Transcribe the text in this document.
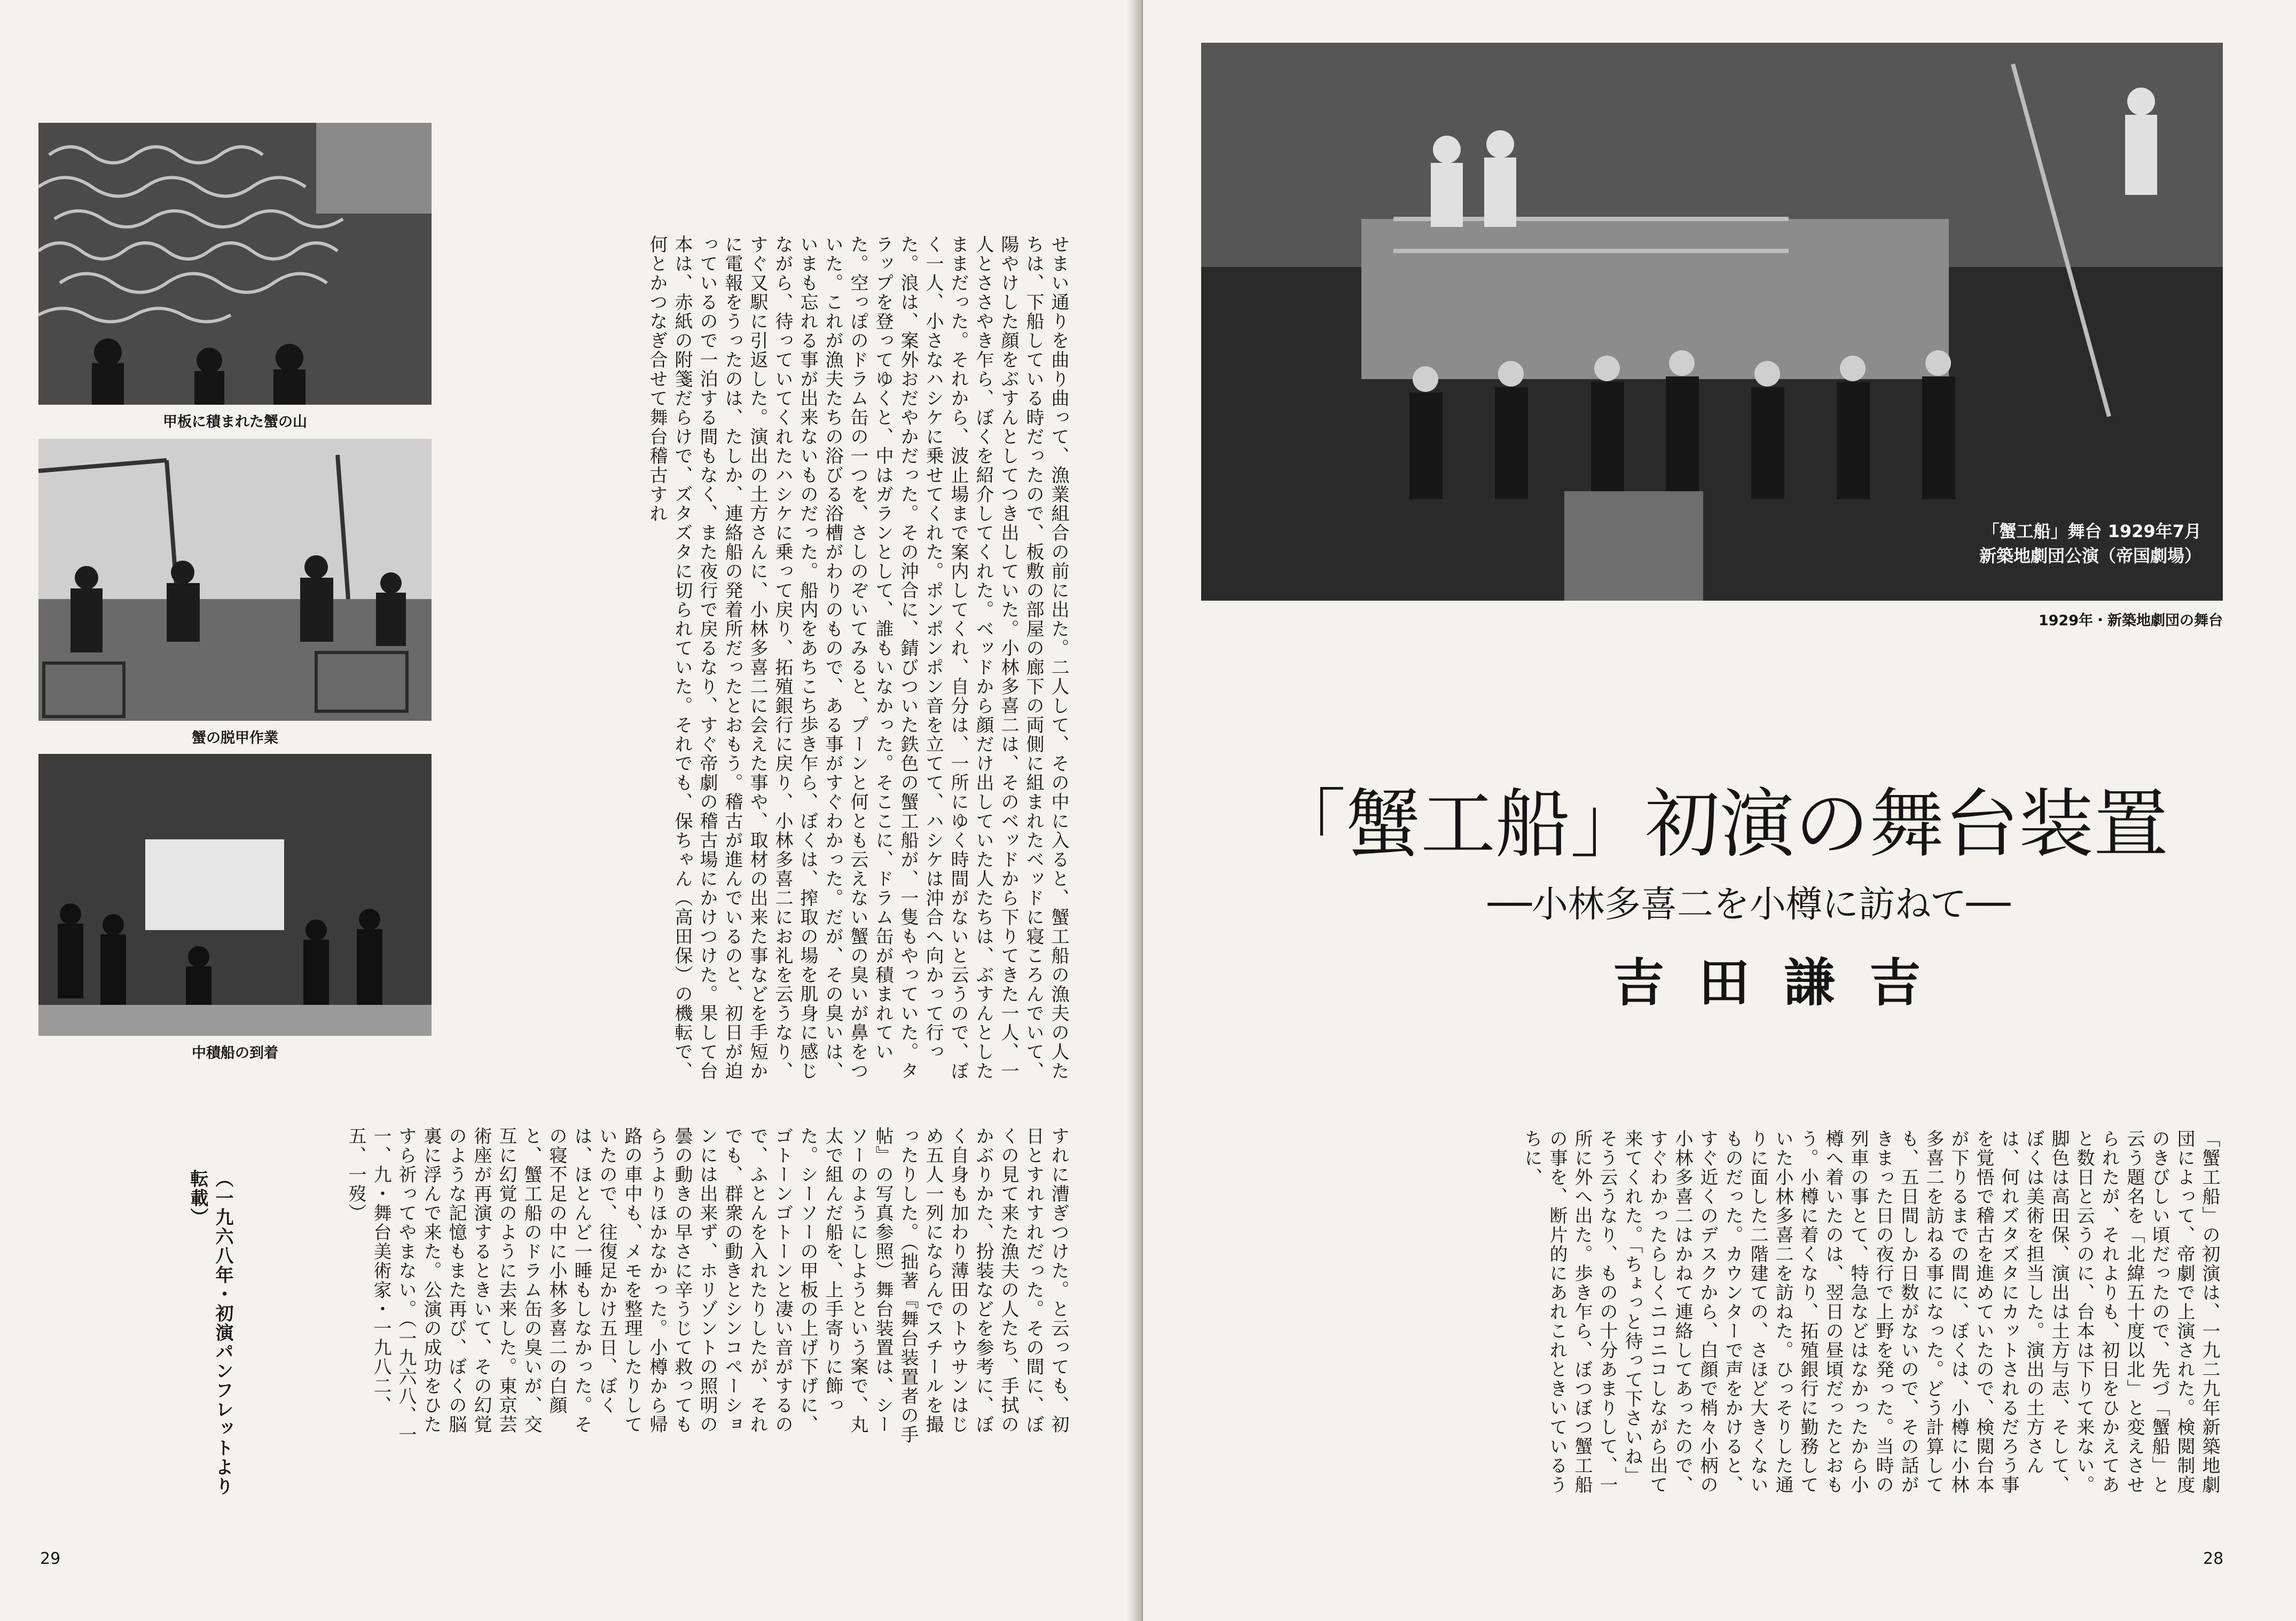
甲板に積まれた蟹の山
蟹の脱甲作業
中積船の到着	せまい通りを曲り曲って、漁業組合の前に出た。二人して、その中に入ると、蟹工船の漁夫の人たちは、下船している時だったので、板敷の部屋の廊下の両側に組まれたベッドに寝ころんでいて、陽やけした顔をぶすんとしてつき出していた。小林多喜二は、そのベッドから下りてきた一人、一人とささやき乍ら、ぼくを紹介してくれた。ベッドから顔だけ出していた人たちは、ぶすんとしたままだった。それから、波止場まで案内してくれ、自分は、一所にゆく時間がないと云うので、ぼく一人、小さなハシケに乗せてくれた。ポンポンポン音を立てて、ハシケは沖合へ向かって行った。浪は、案外おだやかだった。その沖合に、錆びついた鉄色の蟹工船が、一隻もやっていた。タラップを登ってゆくと、中はガランとして、誰もいなかった。そここに、ドラム缶が積まれていた。空っぽのドラム缶の一つを、さしのぞいてみると、プーンと何とも云えない蟹の臭いが鼻をついた。これが漁夫たちの浴びる浴槽がわりのもので、ある事がすぐわかった。だが、その臭いは、いまも忘れる事が出来ないものだった。船内をあちこち歩き乍ら、ぼくは、搾取の場を肌身に感じながら、待っていてくれたハシケに乗って戻り、拓殖銀行に戻り、小林多喜二にお礼を云うなり、すぐ又駅に引返した。演出の土方さんに、小林多喜二に会えた事や、取材の出来た事などを手短かに電報をうったのは、たしか、連絡船の発着所だったとおもう。稽古が進んでいるのと、初日が迫っているので一泊する間もなく、また夜行で戻るなり、すぐ帝劇の稽古場にかけつけた。果して台本は、赤紙の附箋だらけで、ズタズタに切られていた。それでも、保ちゃん（高田保）の機転で、何とかつなぎ合せて舞台稽古すれ
すれに漕ぎつけた。と云っても、初日とすれすれだった。その間に、ぼくの見て来た漁夫の人たち、手拭のかぶりかた、扮装などを参考に、ぼく自身も加わり薄田のトウサンはじめ五人一列にならんでスチールを撮ったりした。（拙著『舞台装置者の手帖』の写真参照）舞台装置は、シーソーのようにしようという案で、丸太で組んだ船を、上手寄りに飾った。シーソーの甲板の上げ下げに、ゴトーンゴトーンと凄い音がするので、ふとんを入れたりしたが、それでも、群衆の動きとシンコペーションには出来ず、ホリゾントの照明の曇の動きの早さに辛うじて救ってもらうよりほかなかった。小樽から帰路の車中も、メモを整理したりしていたので、往復足かけ五日、ぼくは、ほとんど一睡もしなかった。その寝不足の中に小林多喜二の白顔と、蟹工船のドラム缶の臭いが、交互に幻覚のように去来した。東京芸術座が再演するときいて、その幻覚のような記憶もまた再び、ぼくの脳裏に浮んで来た。公演の成功をひたすら祈ってやまない。（一九六八、一一、九・舞台美術家・一九八二、五、一歿）
（一九六八年・初演パンフレットより転載）
29
「蟹工船」舞台 1929年7月
新築地劇団公演（帝国劇場）
1929年・新築地劇団の舞台
「蟹工船」初演の舞台装置
──小林多喜二を小樽に訪ねて──
吉田謙吉
「蟹工船」の初演は、一九二九年新築地劇団によって、帝劇で上演された。検閲制度のきびしい頃だったので、先づ「蟹船」と云う題名を「北緯五十度以北」と変えさせられたが、それよりも、初日をひかえてあと数日と云うのに、台本は下りて来ない。脚色は高田保、演出は土方与志、そして、ぼくは美術を担当した。演出の土方さんは、何れズタズタにカットされるだろう事を覚悟で稽古を進めていたので、検閲台本が下りるまでの間に、ぼくは、小樽に小林多喜二を訪ねる事になった。どう計算しても、五日間しか日数がないので、その話がきまった日の夜行で上野を発った。当時の列車の事とて、特急などはなかったから小樽へ着いたのは、翌日の昼頃だったとおもう。小樽に着くなり、拓殖銀行に勤務していた小林多喜二を訪ねた。ひっそりした通りに面した二階建ての、さほど大きくないものだった。カウンターで声をかけると、すぐ近くのデスクから、白顔で梢々小柄の小林多喜二はかねて連絡してあったので、すぐわかったらしくニコニコしながら出て来てくれた。「ちょっと待って下さいね」そう云うなり、ものの十分あまりして、一所に外へ出た。歩き乍ら、ぼつぼつ蟹工船の事を、断片的にあれこれときいているうちに、
28
